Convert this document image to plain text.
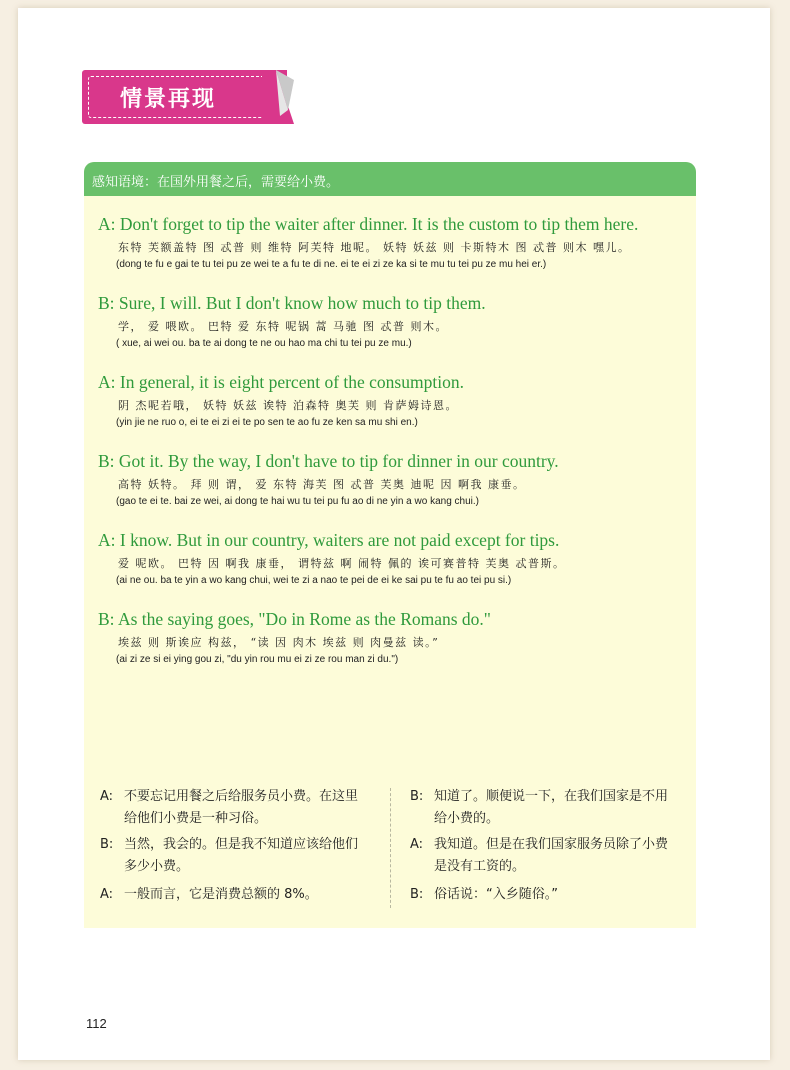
情景再现
感知语境：在国外用餐之后，需要给小费。
A: Don't forget to tip the waiter after dinner. It is the custom to tip them here.
东特 芙额盖特 图 忒普 则 维特 阿芙特 地呢。 妖特 妖兹 则 卡斯特木 图 忒普 则木 嘿儿。
(dong te fu e gai te tu tei pu ze wei te a fu te di ne. ei te ei zi ze ka si te mu tu tei pu ze mu hei er.)
B: Sure, I will. But I don't know how much to tip them.
学， 爱 喂欧。 巴特 爱 东特 呢锅 蒿 马驰 图 忒普 则木。
( xue, ai wei ou. ba te ai dong te ne ou hao ma chi tu tei pu ze mu.)
A: In general, it is eight percent of the consumption.
阴 杰呢若哦， 妖特 妖兹 诶特 泊森特 奥芙 则 肯萨姆诗恩。
(yin jie ne ruo o, ei te ei zi ei te po sen te ao fu ze ken sa mu shi en.)
B: Got it. By the way, I don't have to tip for dinner in our country.
高特 妖特。 拜 则 谓， 爱 东特 海芙 图 忒普 芙奥 迪呢 因 啊我 康垂。
(gao te ei te. bai ze wei, ai dong te hai wu tu tei pu fu ao di ne yin a wo kang chui.)
A: I know. But in our country, waiters are not paid except for tips.
爱 呢欧。 巴特 因 啊我 康垂， 谓特兹 啊 闹特 佩的 诶可赛普特 芙奥 忒普斯。
(ai ne ou. ba te yin a wo kang chui, wei te zi a nao te pei de ei ke sai pu te fu ao tei pu si.)
B: As the saying goes, "Do in Rome as the Romans do."
埃兹 则 斯诶应 构兹， “读 因 肉木 埃兹 则 肉曼兹 读。”
(ai zi ze si ei ying gou zi, "du yin rou mu ei zi ze rou man zi du.")
A: 不要忘记用餐之后给服务员小费。在这里给他们小费是一种习俗。
B: 当然，我会的。但是我不知道应该给他们多少小费。
A: 一般而言，它是消费总额的 8%。
B: 知道了。顺便说一下，在我们国家是不用给小费的。
A: 我知道。但是在我们国家服务员除了小费是没有工资的。
B: 俗话说：“入乡随俗。”
112
